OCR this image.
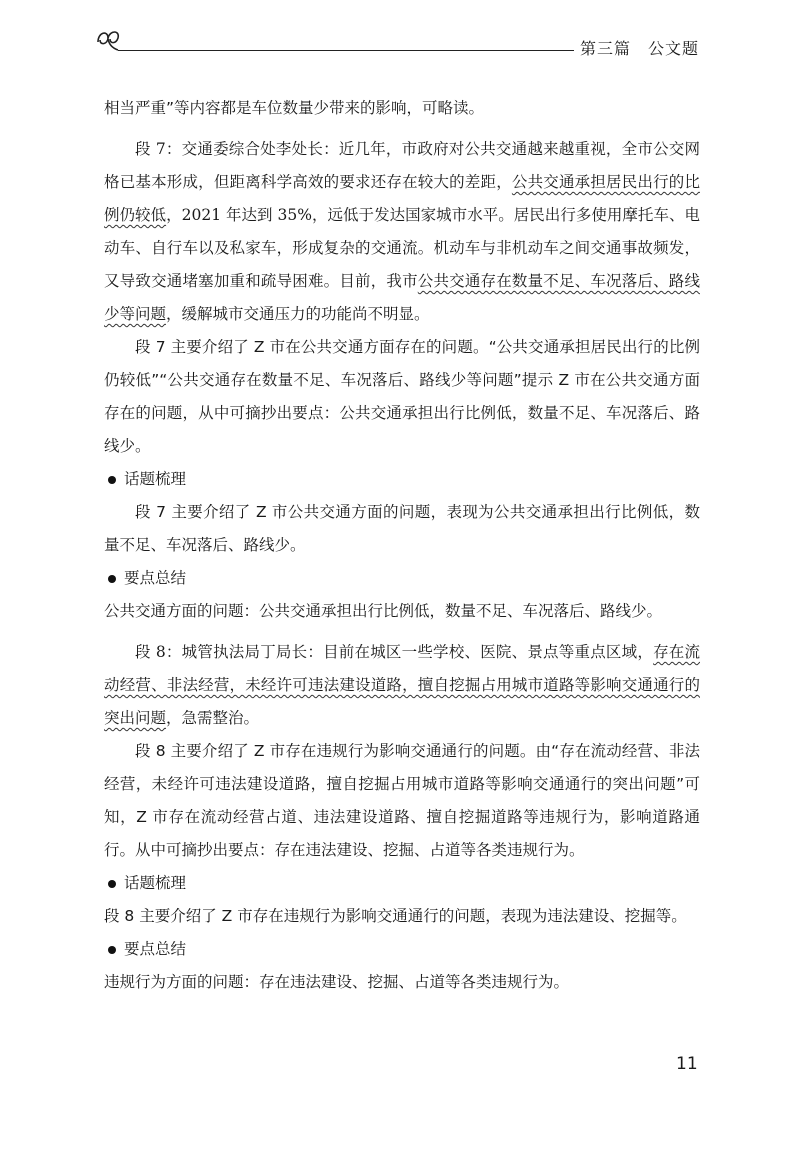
第三篇　公文题

相当严重”等内容都是车位数量少带来的影响，可略读。

段 7：交通委综合处李处长：近几年，市政府对公共交通越来越重视，全市公交网格已基本形成，但距离科学高效的要求还存在较大的差距，公共交通承担居民出行的比例仍较低，2021 年达到 35%，远低于发达国家城市水平。居民出行多使用摩托车、电动车、自行车以及私家车，形成复杂的交通流。机动车与非机动车之间交通事故频发，又导致交通堵塞加重和疏导困难。目前，我市公共交通存在数量不足、车况落后、路线少等问题，缓解城市交通压力的功能尚不明显。

段 7 主要介绍了 Z 市在公共交通方面存在的问题。“公共交通承担居民出行的比例仍较低”“公共交通存在数量不足、车况落后、路线少等问题”提示 Z 市在公共交通方面存在的问题，从中可摘抄出要点：公共交通承担出行比例低，数量不足、车况落后、路线少。

话题梳理

段 7 主要介绍了 Z 市公共交通方面的问题，表现为公共交通承担出行比例低，数量不足、车况落后、路线少。

要点总结

公共交通方面的问题：公共交通承担出行比例低，数量不足、车况落后、路线少。

段 8：城管执法局丁局长：目前在城区一些学校、医院、景点等重点区域，存在流动经营、非法经营，未经许可违法建设道路，擅自挖掘占用城市道路等影响交通通行的突出问题，急需整治。

段 8 主要介绍了 Z 市存在违规行为影响交通通行的问题。由“存在流动经营、非法经营，未经许可违法建设道路，擅自挖掘占用城市道路等影响交通通行的突出问题”可知，Z 市存在流动经营占道、违法建设道路、擅自挖掘道路等违规行为，影响道路通行。从中可摘抄出要点：存在违法建设、挖掘、占道等各类违规行为。

话题梳理

段 8 主要介绍了 Z 市存在违规行为影响交通通行的问题，表现为违法建设、挖掘等。

要点总结

违规行为方面的问题：存在违法建设、挖掘、占道等各类违规行为。

11
